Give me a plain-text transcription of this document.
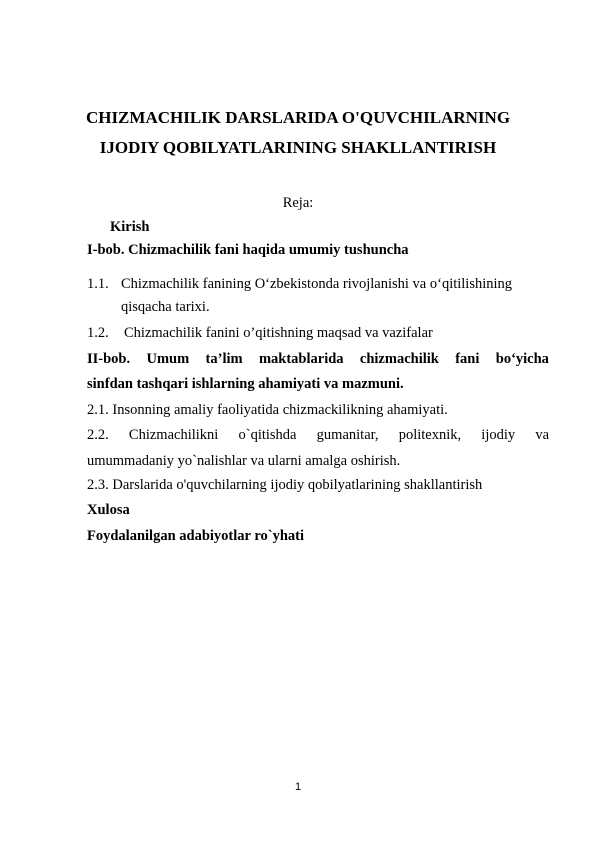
CHIZMACHILIK DARSLARIDA O'QUVCHILARNING
IJODIY QOBILYATLARINING SHAKLLANTIRISH
Reja:
Kirish
I-bob. Chizmachilik fani haqida umumiy tushuncha
1.1. Chizmachilik fanining O‘zbekistonda rivojlanishi va o‘qitilishining
qisqacha tarixi.
1.2. Chizmachilik fanini o’qitishning maqsad va vazifalar
II-bob. Umum ta’lim maktablarida chizmachilik fani bo‘yicha
sinfdan tashqari ishlarning ahamiyati va mazmuni.
2.1. Insonning amaliy faoliyatida chizmackilikning ahamiyati.
2.2. Chizmachilikni o`qitishda gumanitar, politexnik, ijodiy va
umummadaniy yo`nalishlar va ularni amalga oshirish.
2.3. Darslarida o'quvchilarning ijodiy qobilyatlarining shakllantirish
Xulosa
Foydalanilgan adabiyotlar ro`yhati
1
